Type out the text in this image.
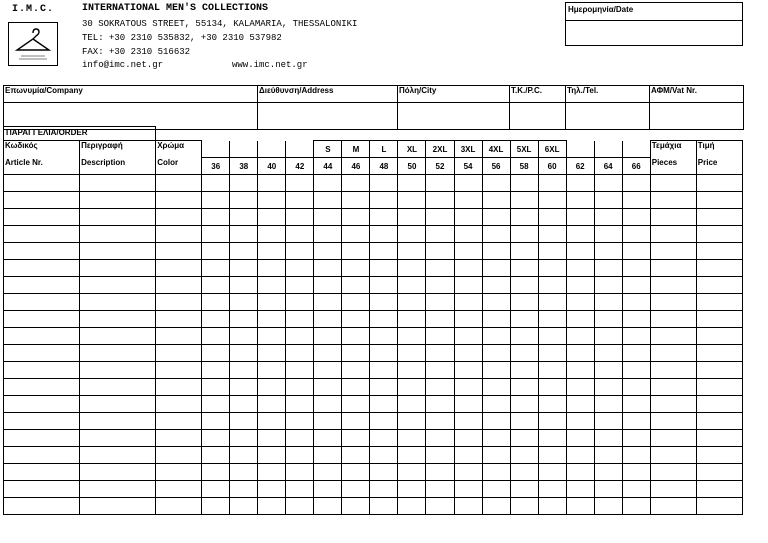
I.M.C.	INTERNATIONAL MEN'S COLLECTIONS
30 SOKRATOUS STREET, 55134, KALAMARIA, THESSALONIKI
TEL: +30 2310 535832, +30 2310 537982
FAX: +30 2310 516632
info@imc.net.gr	www.imc.net.gr
Ημερομηνία/Date
Επωνυμία/Company	Διεύθυνση/Address	Πόλη/City	Τ.Κ./P.C.	Τηλ./Tel.	ΑΦΜ/Vat Nr.

ΠΑΡΑΓΓΕΛΙΑ/ORDER
Κωδικός	Περιγραφή	Χρώμα					S	M	L	XL	2XL	3XL	4XL	5XL	6XL				Τεμάχια	Τιμή
Article Nr.	Description	Color	36	38	40	42	44	46	48	50	52	54	56	58	60	62	64	66	Pieces	Price
